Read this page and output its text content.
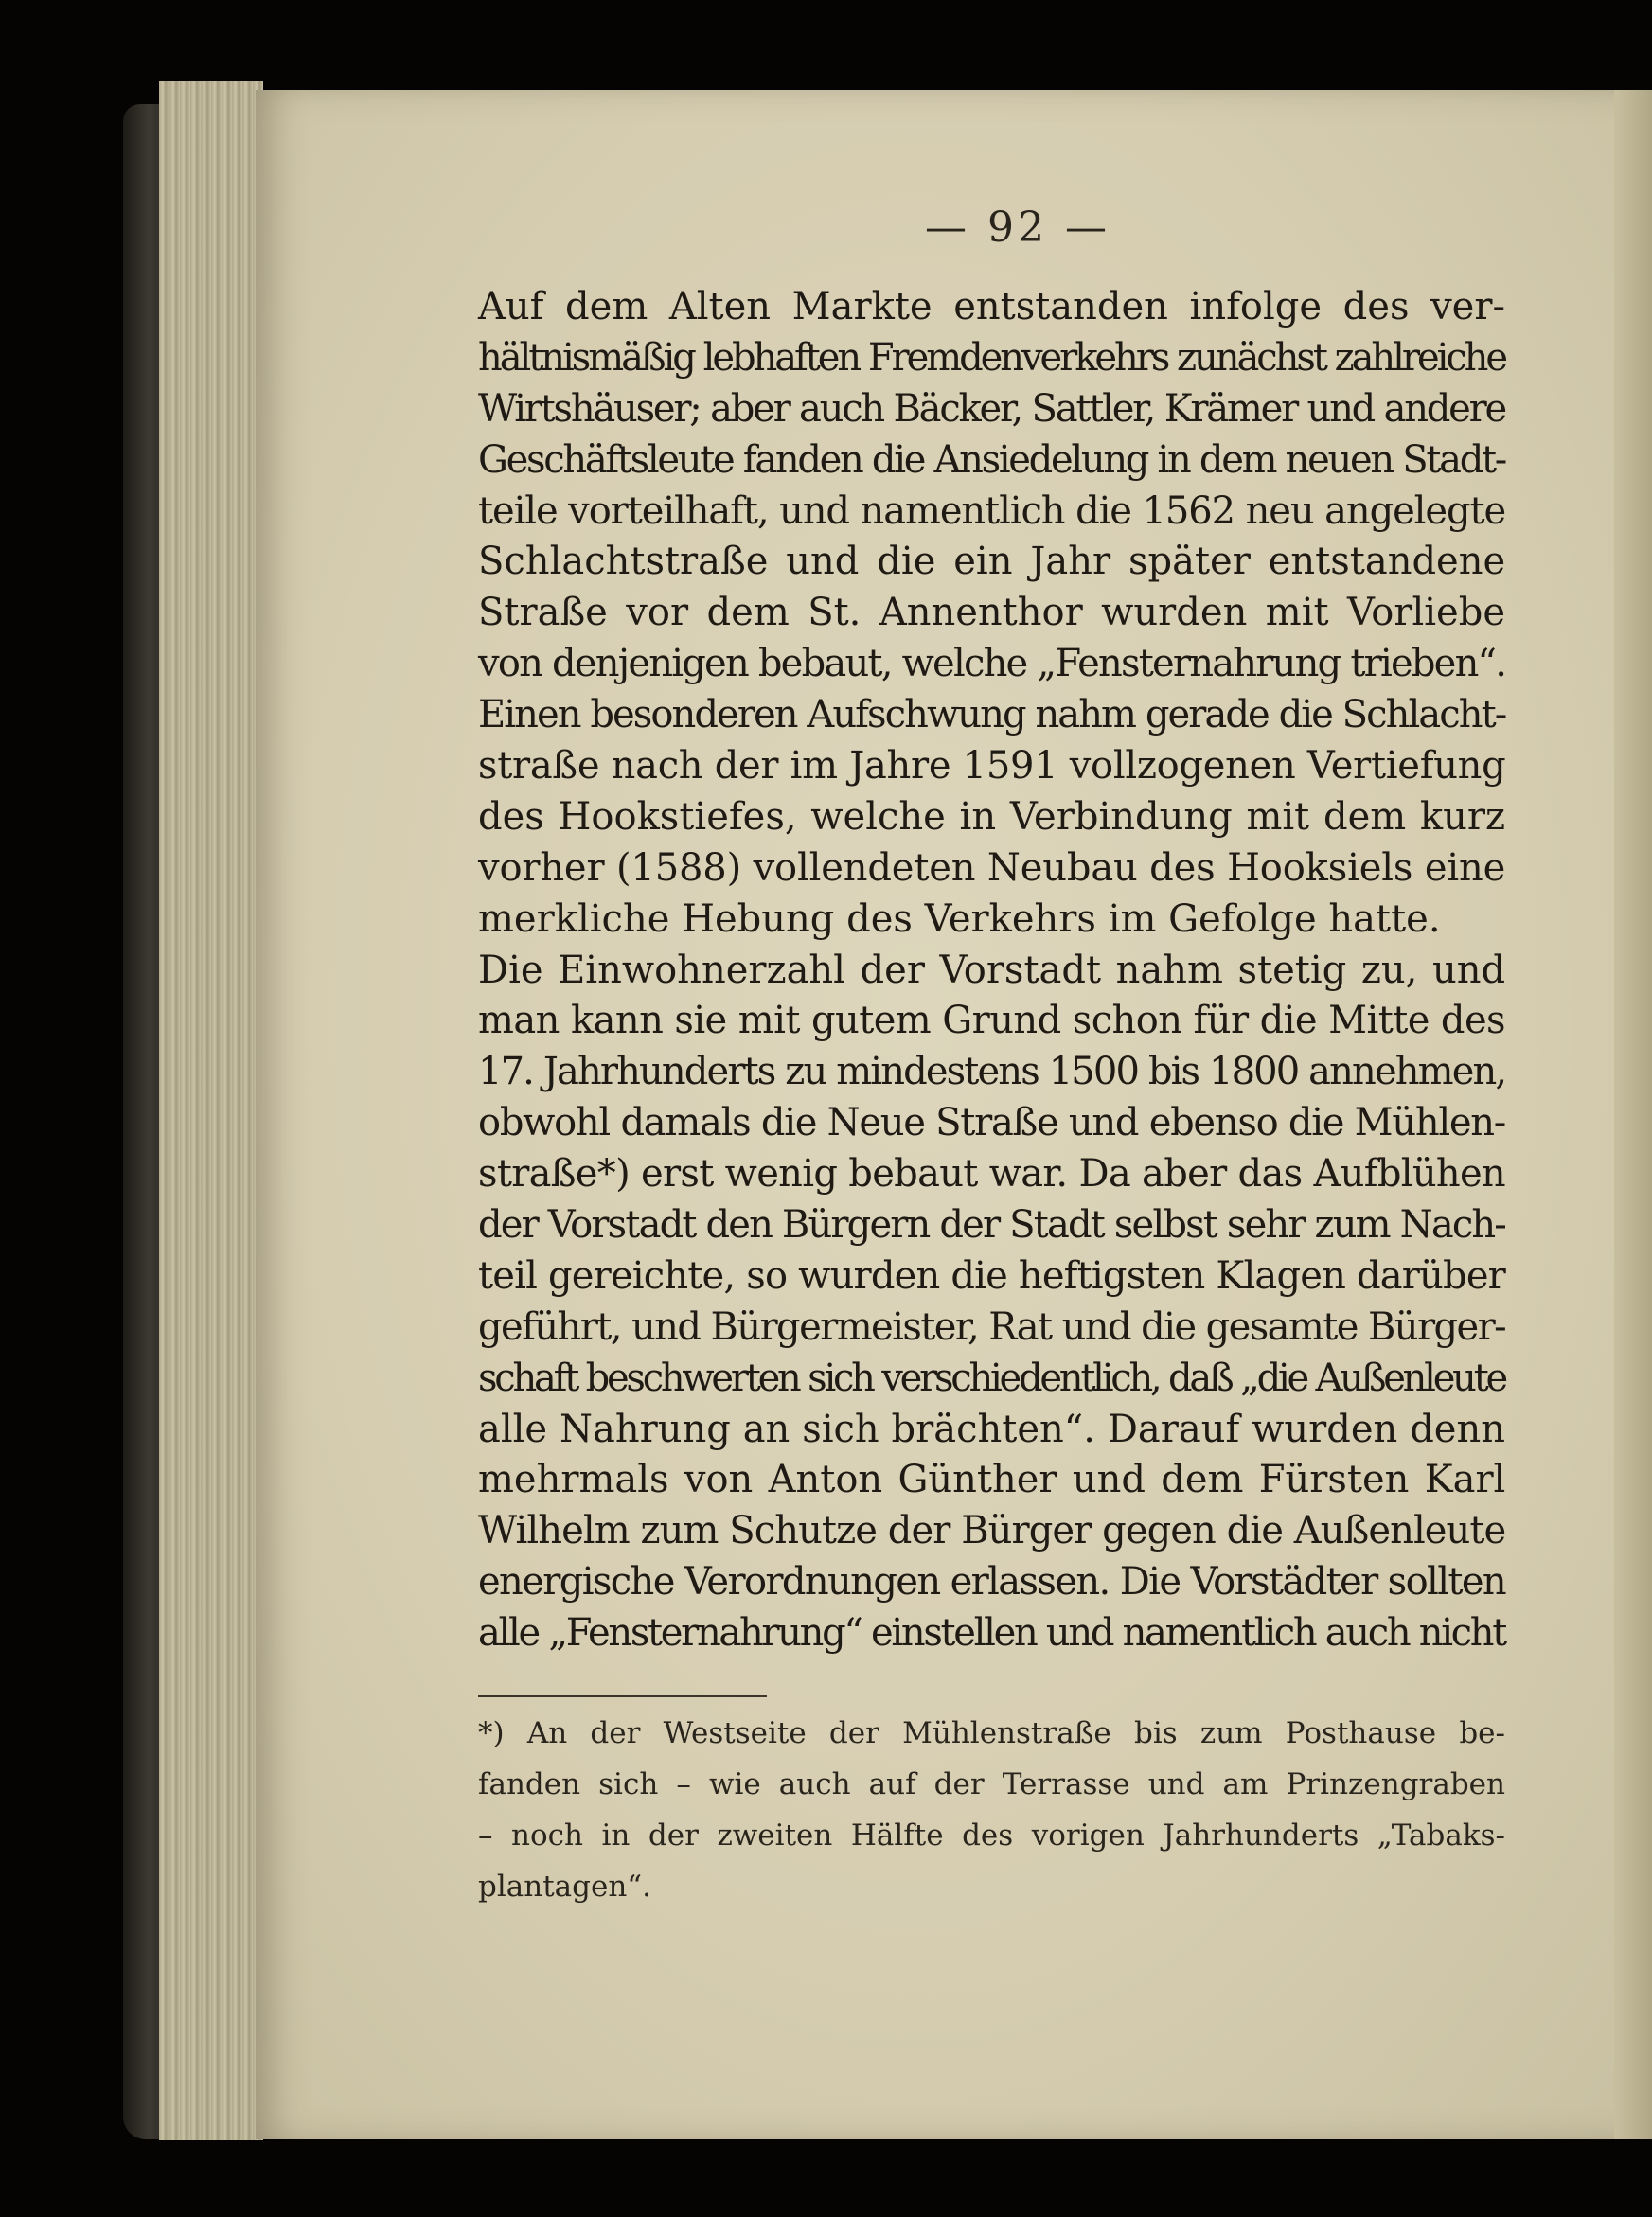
— 92 —
Auf dem Alten Markte entstanden infolge des ver-
hältnismäßig lebhaften Fremdenverkehrs zunächst zahlreiche
Wirtshäuser; aber auch Bäcker, Sattler, Krämer und andere
Geschäftsleute fanden die Ansiedelung in dem neuen Stadt-
teile vorteilhaft, und namentlich die 1562 neu angelegte
Schlachtstraße und die ein Jahr später entstandene
Straße vor dem St. Annenthor wurden mit Vorliebe
von denjenigen bebaut, welche „Fensternahrung trieben“.
Einen besonderen Aufschwung nahm gerade die Schlacht-
straße nach der im Jahre 1591 vollzogenen Vertiefung
des Hookstiefes, welche in Verbindung mit dem kurz
vorher (1588) vollendeten Neubau des Hooksiels eine
merkliche Hebung des Verkehrs im Gefolge hatte.
Die Einwohnerzahl der Vorstadt nahm stetig zu, und
man kann sie mit gutem Grund schon für die Mitte des
17. Jahrhunderts zu mindestens 1500 bis 1800 annehmen,
obwohl damals die Neue Straße und ebenso die Mühlen-
straße*) erst wenig bebaut war. Da aber das Aufblühen
der Vorstadt den Bürgern der Stadt selbst sehr zum Nach-
teil gereichte, so wurden die heftigsten Klagen darüber
geführt, und Bürgermeister, Rat und die gesamte Bürger-
schaft beschwerten sich verschiedentlich, daß „die Außenleute
alle Nahrung an sich brächten“. Darauf wurden denn
mehrmals von Anton Günther und dem Fürsten Karl
Wilhelm zum Schutze der Bürger gegen die Außenleute
energische Verordnungen erlassen. Die Vorstädter sollten
alle „Fensternahrung“ einstellen und namentlich auch nicht
*) An der Westseite der Mühlenstraße bis zum Posthause be-
fanden sich – wie auch auf der Terrasse und am Prinzengraben
– noch in der zweiten Hälfte des vorigen Jahrhunderts „Tabaks-
plantagen“.
